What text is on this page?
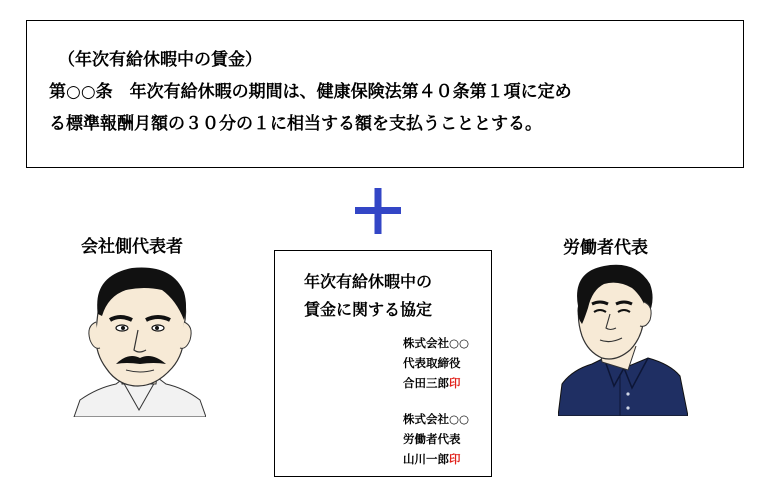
（年次有給休暇中の賃金）
第○○条　年次有給休暇の期間は、健康保険法第４０条第１項に定め
る標準報酬月額の３０分の１に相当する額を支払うこととする。
会社側代表者
年次有給休暇中の
賃金に関する協定
株式会社○○
代表取締役
合田三郎印
株式会社○○
労働者代表
山川一郎印
労働者代表
